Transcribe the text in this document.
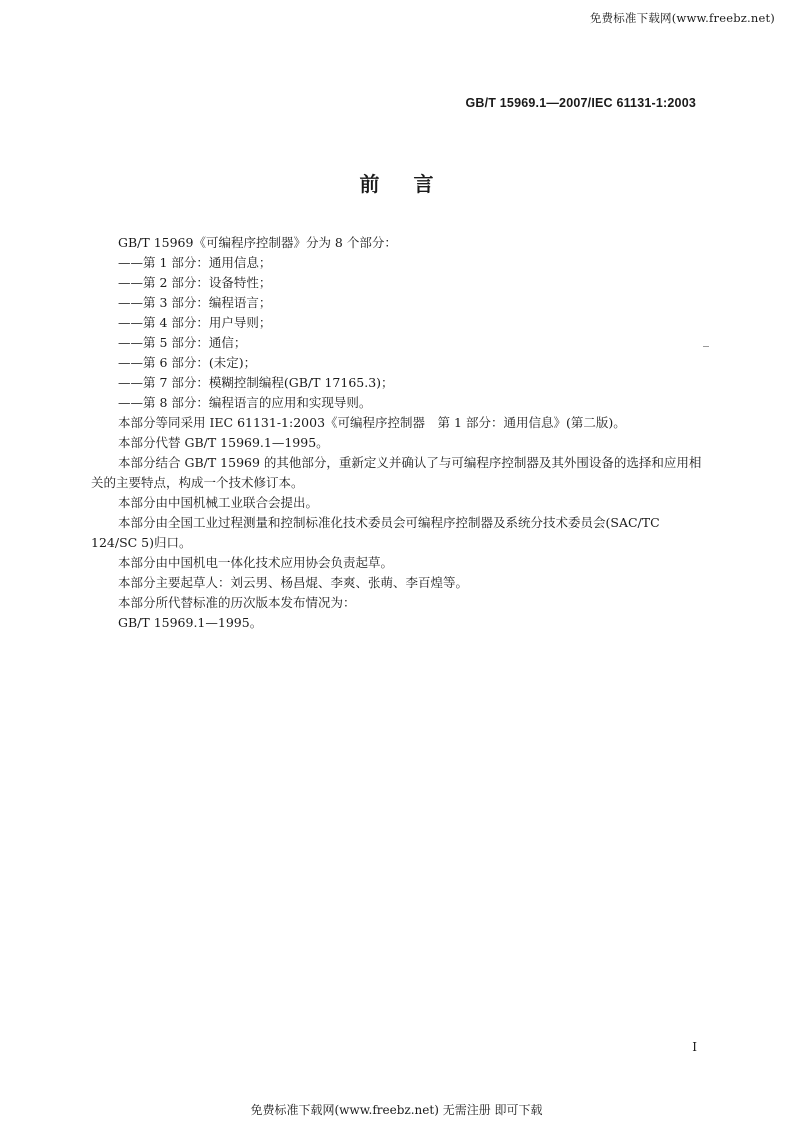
免费标准下载网(www.freebz.net)
GB/T 15969.1—2007/IEC 61131-1:2003
前言

GB/T 15969《可编程序控制器》分为 8 个部分：

——第 1 部分：通用信息；

——第 2 部分：设备特性；

——第 3 部分：编程语言；

——第 4 部分：用户导则；

——第 5 部分：通信；

——第 6 部分：(未定)；

——第 7 部分：模糊控制编程(GB/T 17165.3)；

——第 8 部分：编程语言的应用和实现导则。

本部分等同采用 IEC 61131-1:2003《可编程序控制器　第 1 部分：通用信息》(第二版)。

本部分代替 GB/T 15969.1—1995。

本部分结合 GB/T 15969 的其他部分，重新定义并确认了与可编程序控制器及其外围设备的选择和应用相关的主要特点，构成一个技术修订本。

本部分由中国机械工业联合会提出。

本部分由全国工业过程测量和控制标准化技术委员会可编程序控制器及系统分技术委员会(SAC/TC 124/SC 5)归口。

本部分由中国机电一体化技术应用协会负责起草。

本部分主要起草人：刘云男、杨昌焜、李爽、张萌、李百煌等。

本部分所代替标准的历次版本发布情况为：

GB/T 15969.1—1995。

I
免费标准下载网(www.freebz.net) 无需注册 即可下载
